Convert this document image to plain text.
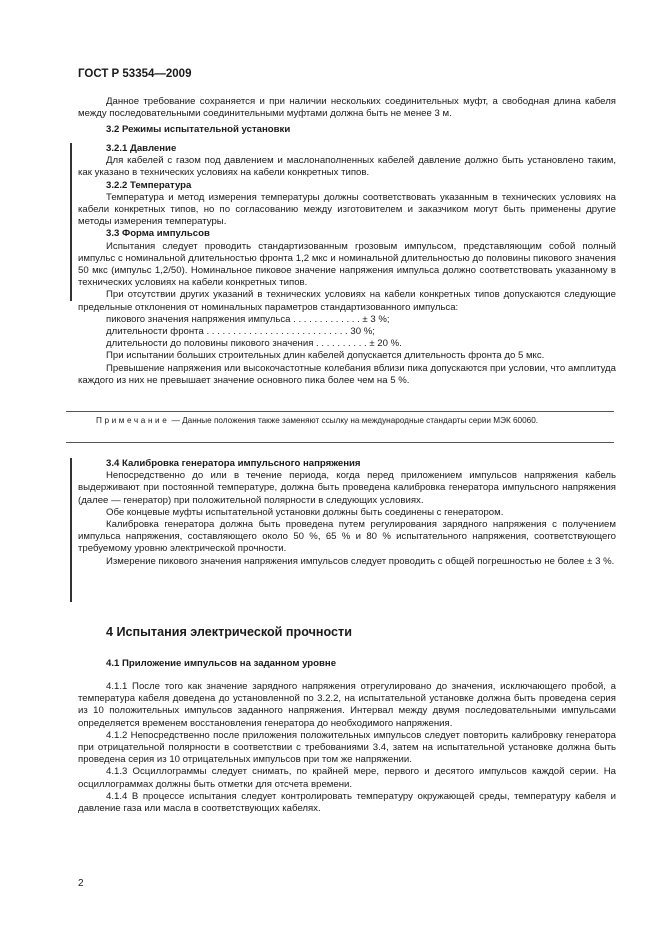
ГОСТ Р 53354—2009

Данное требование сохраняется и при наличии нескольких соединительных муфт, а свободная длина кабеля между последовательными соединительными муфтами должна быть не менее 3 м.

3.2 Режимы испытательной установки

3.2.1 Давление

Для кабелей с газом под давлением и маслонаполненных кабелей давление должно быть установлено таким, как указано в технических условиях на кабели конкретных типов.

3.2.2 Температура

Температура и метод измерения температуры должны соответствовать указанным в технических условиях на кабели конкретных типов, но по согласованию между изготовителем и заказчиком могут быть применены другие методы измерения температуры.

3.3 Форма импульсов

Испытания следует проводить стандартизованным грозовым импульсом, представляющим собой полный импульс с номинальной длительностью фронта 1,2 мкс и номинальной длительностью до половины пикового значения 50 мкс (импульс 1,2/50). Номинальное пиковое значение напряжения импульса должно соответствовать указанному в технических условиях на кабели конкретных типов.

При отсутствии других указаний в технических условиях на кабели конкретных типов допускаются следующие предельные отклонения от номинальных параметров стандартизованного импульса:

пикового значения напряжения импульса . . . . . . . . . . . . . ± 3 %;

длительности фронта . . . . . . . . . . . . . . . . . . . . . . . . . . . 30 %;

длительности до половины пикового значения . . . . . . . . . . ± 20 %.

При испытании больших строительных длин кабелей допускается длительность фронта до 5 мкс.

Превышение напряжения или высокочастотные колебания вблизи пика допускаются при условии, что амплитуда каждого из них не превышает значение основного пика более чем на 5 %.

Примечание — Данные положения также заменяют ссылку на международные стандарты серии МЭК 60060.

3.4 Калибровка генератора импульсного напряжения

Непосредственно до или в течение периода, когда перед приложением импульсов напряжения кабель выдерживают при постоянной температуре, должна быть проведена калибровка генератора импульсного напряжения (далее — генератор) при положительной полярности в следующих условиях.

Обе концевые муфты испытательной установки должны быть соединены с генератором.

Калибровка генератора должна быть проведена путем регулирования зарядного напряжения с получением импульса напряжения, составляющего около 50 %, 65 % и 80 % испытательного напряжения, соответствующего требуемому уровню электрической прочности.

Измерение пикового значения напряжения импульсов следует проводить с общей погрешностью не более ± 3 %.

4 Испытания электрической прочности

4.1 Приложение импульсов на заданном уровне

4.1.1 После того как значение зарядного напряжения отрегулировано до значения, исключающего пробой, а температура кабеля доведена до установленной по 3.2.2, на испытательной установке должна быть проведена серия из 10 положительных импульсов заданного напряжения. Интервал между двумя последовательными импульсами определяется временем восстановления генератора до необходимого напряжения.

4.1.2 Непосредственно после приложения положительных импульсов следует повторить калибровку генератора при отрицательной полярности в соответствии с требованиями 3.4, затем на испытательной установке должна быть проведена серия из 10 отрицательных импульсов при том же напряжении.

4.1.3 Осциллограммы следует снимать, по крайней мере, первого и десятого импульсов каждой серии. На осциллограммах должны быть отметки для отсчета времени.

4.1.4 В процессе испытания следует контролировать температуру окружающей среды, температуру кабеля и давление газа или масла в соответствующих кабелях.

2
